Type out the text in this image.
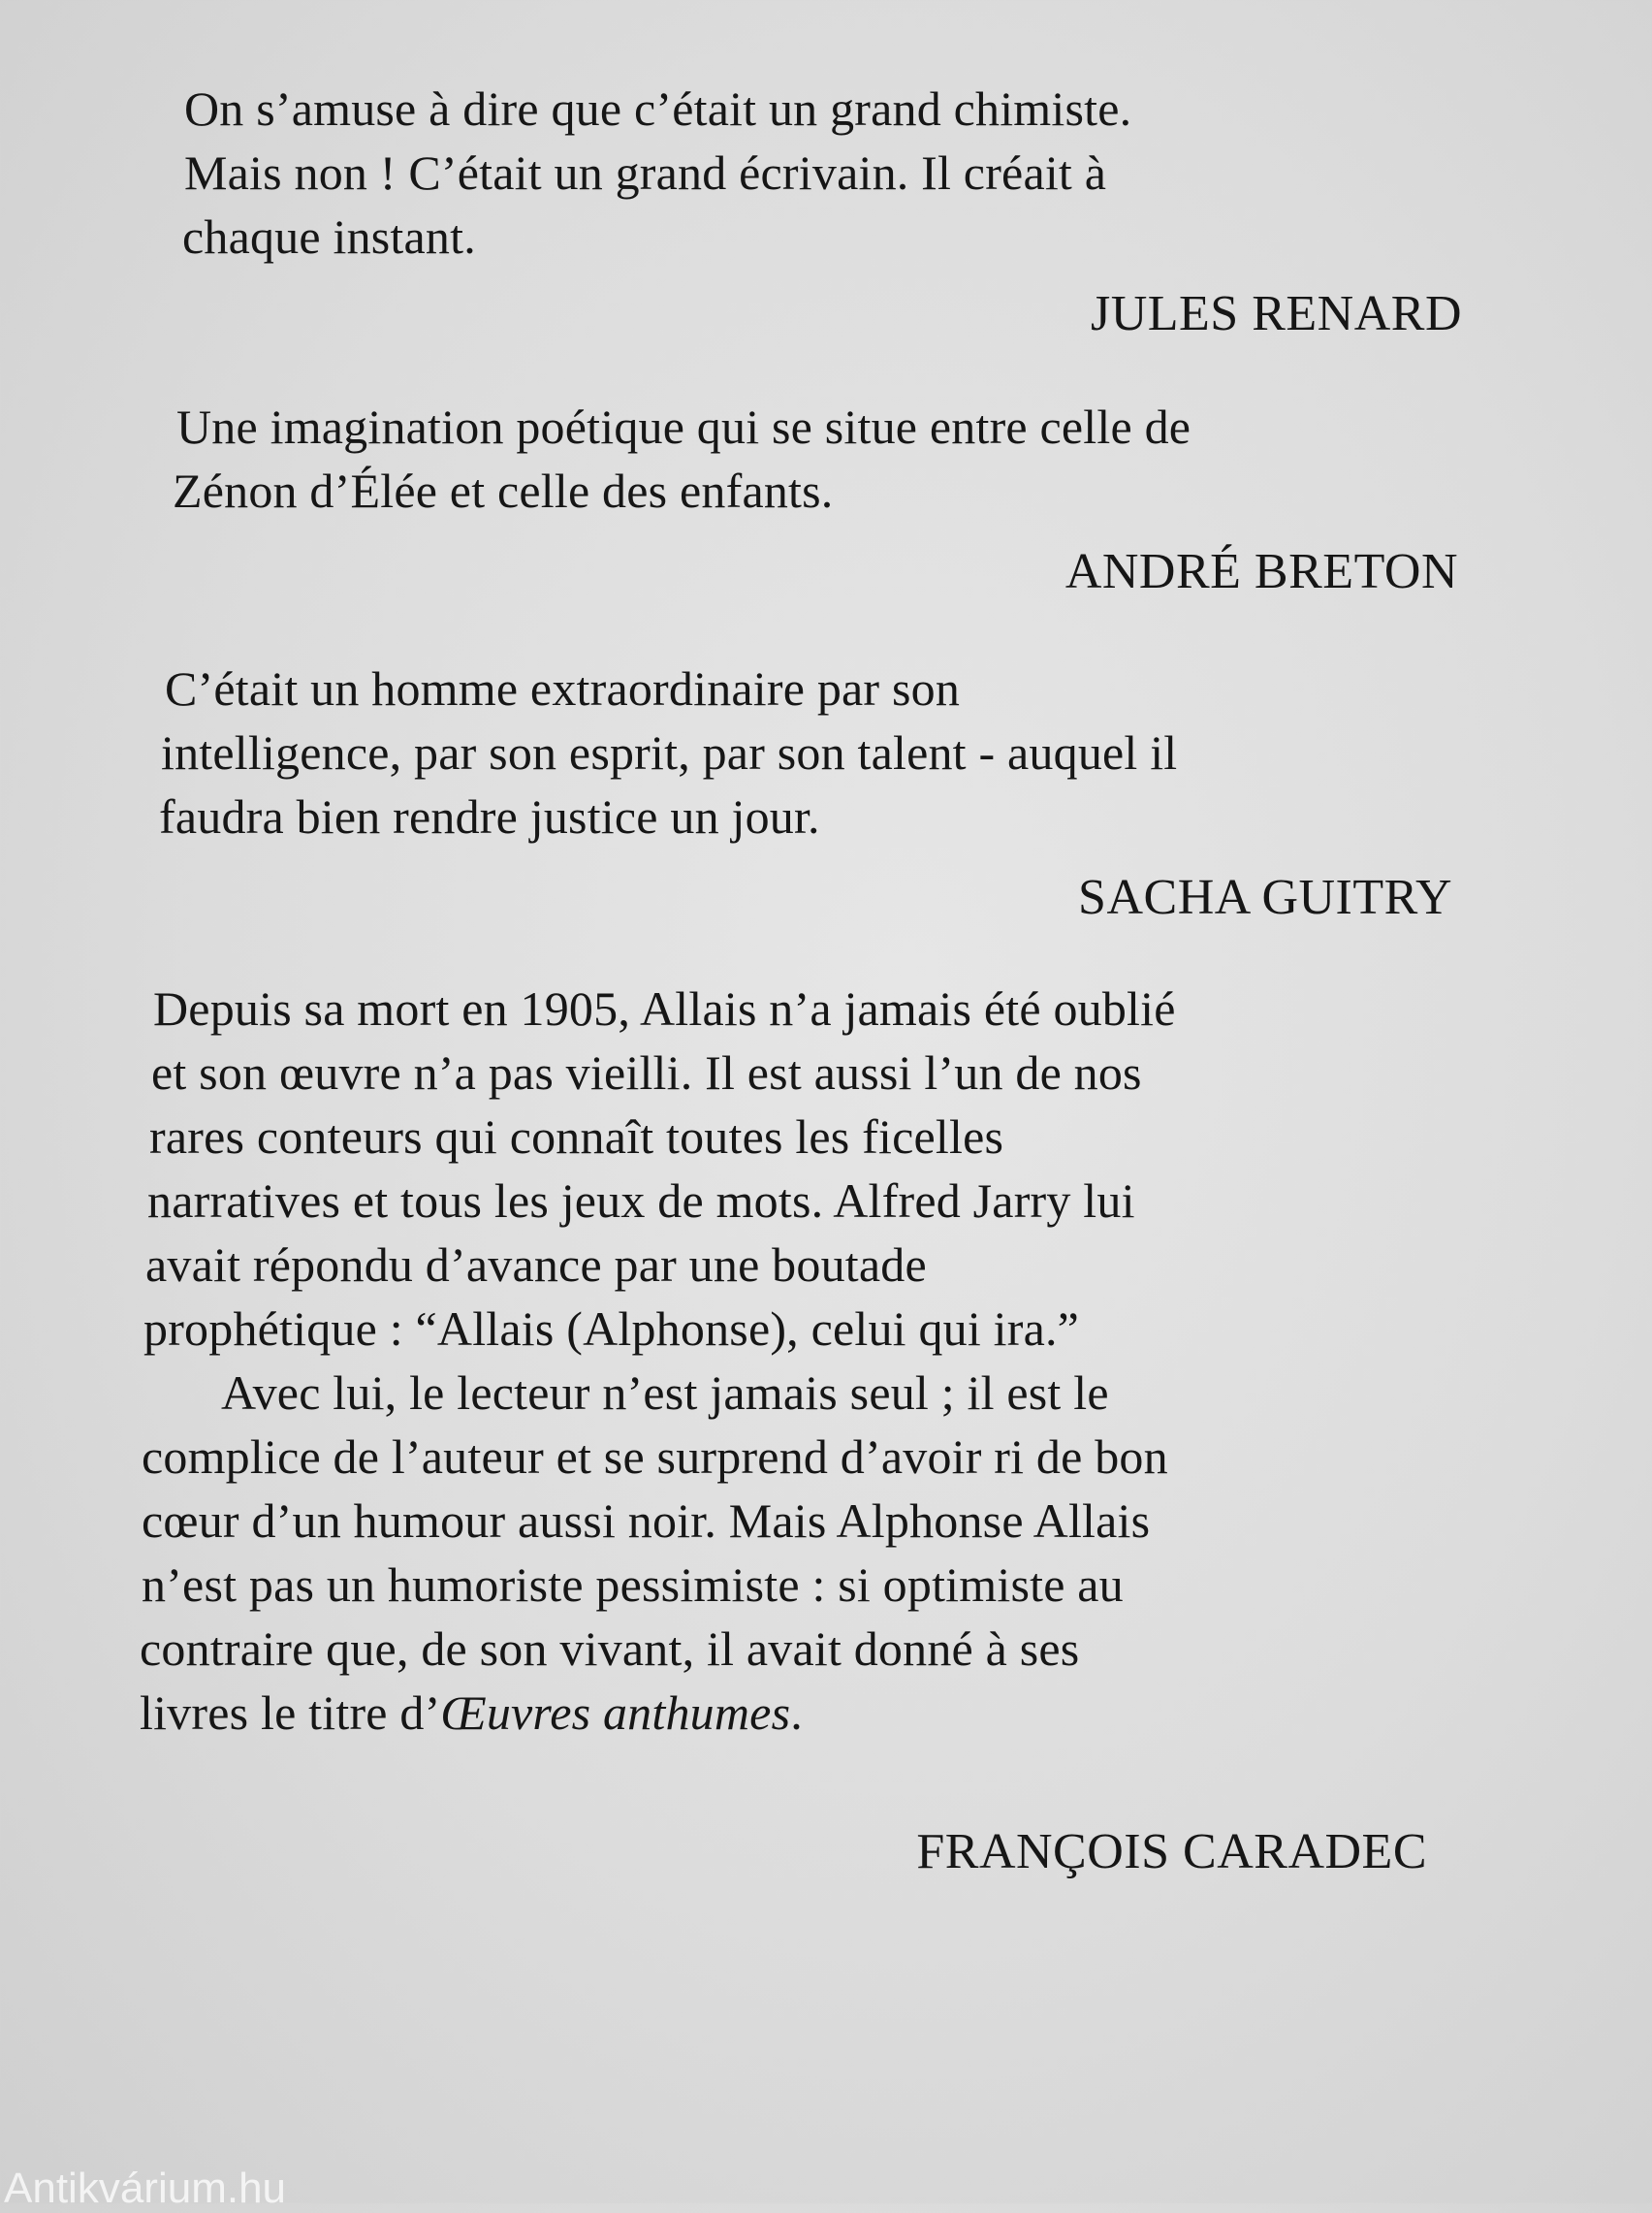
On s’amuse à dire que c’était un grand chimiste.
Mais non ! C’était un grand écrivain. Il créait à
chaque instant.
JULES RENARD
Une imagination poétique qui se situe entre celle de
Zénon d’Élée et celle des enfants.
ANDRÉ BRETON
C’était un homme extraordinaire par son
intelligence, par son esprit, par son talent - auquel il
faudra bien rendre justice un jour.
SACHA GUITRY
Depuis sa mort en 1905, Allais n’a jamais été oublié
et son œuvre n’a pas vieilli. Il est aussi l’un de nos
rares conteurs qui connaît toutes les ficelles
narratives et tous les jeux de mots. Alfred Jarry lui
avait répondu d’avance par une boutade
prophétique : “Allais (Alphonse), celui qui ira.”
Avec lui, le lecteur n’est jamais seul ; il est le
complice de l’auteur et se surprend d’avoir ri de bon
cœur d’un humour aussi noir. Mais Alphonse Allais
n’est pas un humoriste pessimiste : si optimiste au
contraire que, de son vivant, il avait donné à ses
livres le titre d’Œuvres anthumes.
FRANÇOIS CARADEC
Antikvárium.hu
